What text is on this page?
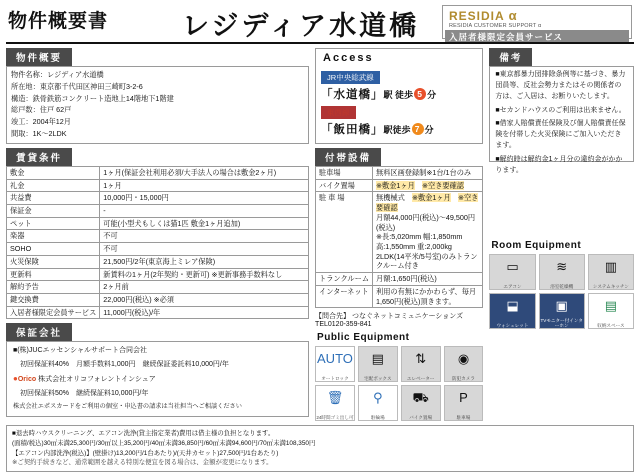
物件概要書	レジディア水道橋	RESIDIA α
RESIDIA CUSTOMER SUPPORT α
入居者様限定会員サービス
物件概要
物件名称：レジディア水道橋
所在地：東京都千代田区神田三崎町3-2-6
構造：鉄骨鉄筋コンクリート造地上14階地下1階建
総戸数：住戸 62戸
竣工：2004年12月
間取：1K～2LDK
賃貸条件
敷金	1ヶ月(保証会社利用必須/大手法人の場合は敷金2ヶ月)
礼金	1ヶ月
共益費	10,000円・15,000円
保証金	-
ペット	可能(小型犬もしくは猫1匹 敷金1ヶ月追加)
楽器	不可
SOHO	不可
火災保険	21,500円/2年(東京海上ミレア保険)
更新料	新賃料の1ヶ月(2年契約・更新可) ※更新事務手数料なし
解約予告	2ヶ月前
鍵交換費	22,000円(税込) ※必須
入居者様限定会員サービス	11,000円(税込)/年
保証会社
■(株)JUCエッセンシャルサポート合同会社
　初回保証料40%　月額手数料1,000円　継続保証委託料10,000円/年
●Orico 株式会社オリコフォレントインシュア
　初回保証料50%　継続保証料10,000円/年
株式会社エポスカードをご利用の個室・申込書の請求は当社担当へご相談ください
Access
JR中央総武線
「水道橋」駅 徒歩 5 分
東西線
「飯田橋」駅徒歩 7 分
付帯設備
駐車場	無料区画登録制※1台/1台のみ
バイク置場	※敷金1ヶ月　 ※空き要確認
駐 車 場	無機械式　※敷金1ヶ月　 ※空き要確認
月額44,000円(税込)～49,500円(税込)
※長:5,020mm 幅:1,850mm 高:1,550mm 重:2,000kg
2LDK(14平米/5号室)のみトランクルーム付き
トランクルーム	月額:1,650円(税込)
インターネット	利用の有無にかかわらず、毎月1,650円(税込)頂きます。
【問合先】 つなぐネットコミュニケーションズ　TEL0120-359-841
Public Equipment
AUTO
オートロック
▤
宅配ボックス
⇅
エレベーター
◉
防犯カメラ
🗑
24時間ゴミ出し可
⚲
駐輪場
⛟
バイク置場
P
駐車場
備考
■東京都暴力団排除条例等に基づき、暴力団員等、反社会勢力またはその関係者の方は、ご入居は、お断りいたします。
■セカンドハウスのご利用は出来ません。
■借家人賠償責任保険及び個人賠償責任保険を付帯した火災保険にご加入いただきます。
■解約時は解約金1ヶ月分の違約金がかかります。
Room Equipment
▭
エアコン
≋
浴室乾燥機
▥
システムキッチン
⬓
ウォシュレット
▣
TVモニター付インターホン
▤
収納スペース
■退去時ハウスクリーニング、エアコン洗浄(貸主指定業者)費用は借主様の負担となります。
(面積/税込)30㎡未満25,300円/30㎡以上35,200円/40㎡未満36,850円/60㎡未満94,600円/70㎡未満108,350円
【エアコン内部洗浄(税込)】(壁掛け)13,200円/1台あたり)/(天井カセット)27,500円/1台あたり)
※ご契約手続きなど、通常範囲を越える特別な便宜を図る場合は、金額が変更になります。
